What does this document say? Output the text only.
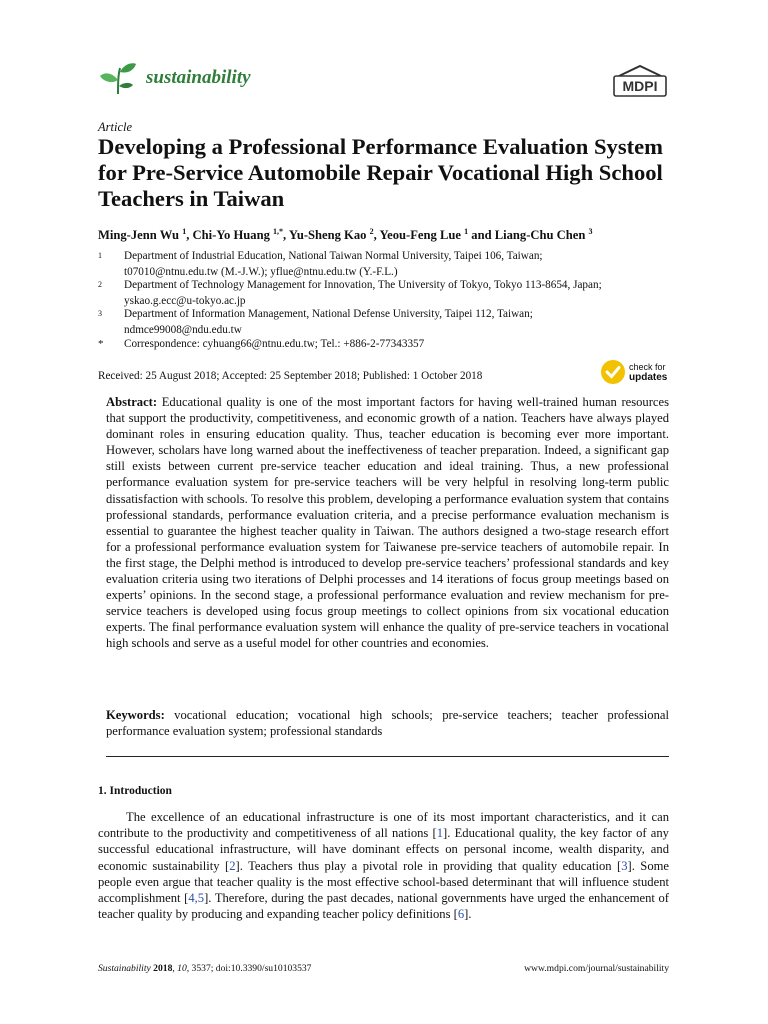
sustainability	MDPI
Article
Developing a Professional Performance Evaluation System for Pre-Service Automobile Repair Vocational High School Teachers in Taiwan
Ming-Jenn Wu $^1$, Chi-Yo Huang $^{1,*}$, Yu-Sheng Kao $^2$, Yeou-Feng Lue $^1$ and Liang-Chu Chen $^3$
1 Department of Industrial Education, National Taiwan Normal University, Taipei 106, Taiwan;
t07010@ntnu.edu.tw (M.-J.W.); yflue@ntnu.edu.tw (Y.-F.L.)
2 Department of Technology Management for Innovation, The University of Tokyo, Tokyo 113-8654, Japan;
yskao.g.ecc@u-tokyo.ac.jp
3 Department of Information Management, National Defense University, Taipei 112, Taiwan;
ndmce99008@ndu.edu.tw
* Correspondence: cyhuang66@ntnu.edu.tw; Tel.: +886-2-77343357
Received: 25 August 2018; Accepted: 25 September 2018; Published: 1 October 2018
check for
updates
Abstract: Educational quality is one of the most important factors for having well-trained human resources that support the productivity, competitiveness, and economic growth of a nation. Teachers have always played dominant roles in ensuring education quality. Thus, teacher education is becoming ever more important. However, scholars have long warned about the ineffectiveness of teacher preparation. Indeed, a significant gap still exists between current pre-service teacher education and ideal training. Thus, a new professional performance evaluation system for pre-service teachers will be very helpful in resolving long-term public dissatisfaction with schools. To resolve this problem, developing a performance evaluation system that contains professional standards, performance evaluation criteria, and a precise performance evaluation mechanism is essential to guarantee the highest teacher quality in Taiwan. The authors designed a two-stage research effort for a professional performance evaluation system for Taiwanese pre-service teachers of automobile repair. In the first stage, the Delphi method is introduced to develop pre-service teachers’ professional standards and key evaluation criteria using two iterations of Delphi processes and 14 iterations of focus group meetings based on experts’ opinions. In the second stage, a professional performance evaluation and review mechanism for pre-service teachers is developed using focus group meetings to collect opinions from six vocational education experts. The final performance evaluation system will enhance the quality of pre-service teachers in vocational high schools and serve as a useful model for other countries and economies.
Keywords: vocational education; vocational high schools; pre-service teachers; teacher professional performance evaluation system; professional standards
1. Introduction
The excellence of an educational infrastructure is one of its most important characteristics, and it can contribute to the productivity and competitiveness of all nations [1]. Educational quality, the key factor of any successful educational infrastructure, will have dominant effects on personal income, wealth disparity, and economic sustainability [2]. Teachers thus play a pivotal role in providing that quality education [3]. Some people even argue that teacher quality is the most effective school-based determinant that will influence student accomplishment [4,5]. Therefore, during the past decades, national governments have urged the enhancement of teacher quality by producing and expanding teacher policy definitions [6].
Sustainability 2018, 10, 3537; doi:10.3390/su10103537	www.mdpi.com/journal/sustainability
